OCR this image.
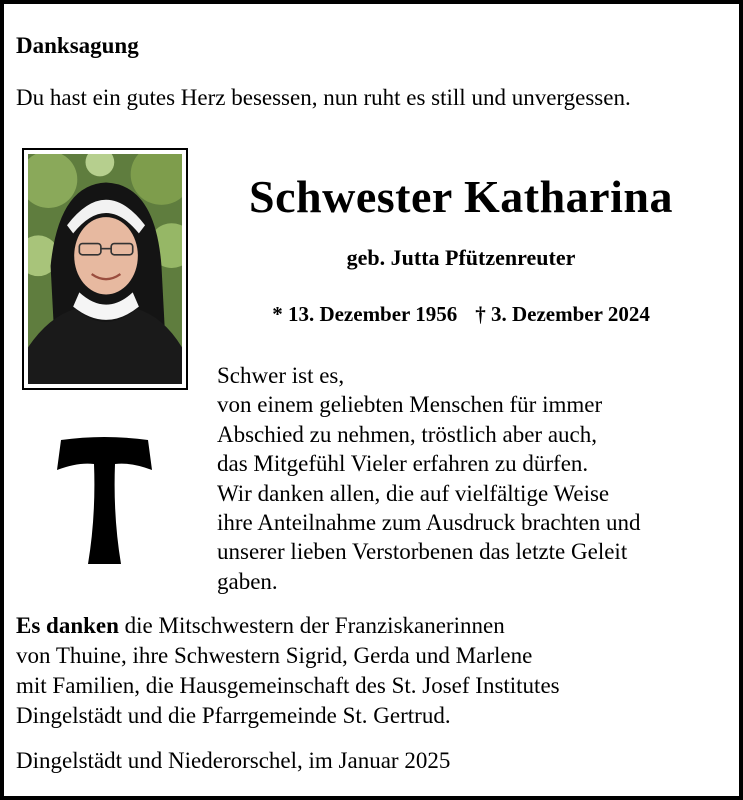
Danksagung
Du hast ein gutes Herz besessen, nun ruht es still und unvergessen.
Schwester Katharina
geb. Jutta Pfützenreuter
* 13. Dezember 1956 † 3. Dezember 2024
Schwer ist es,
von einem geliebten Menschen für immer
Abschied zu nehmen, tröstlich aber auch,
das Mitgefühl Vieler erfahren zu dürfen.
Wir danken allen, die auf vielfältige Weise
ihre Anteilnahme zum Ausdruck brachten und
unserer lieben Verstorbenen das letzte Geleit
gaben.
Es danken die Mitschwestern der Franziskanerinnen
von Thuine, ihre Schwestern Sigrid, Gerda und Marlene
mit Familien, die Hausgemeinschaft des St. Josef Institutes
Dingelstädt und die Pfarrgemeinde St. Gertrud.
Dingelstädt und Niederorschel, im Januar 2025
